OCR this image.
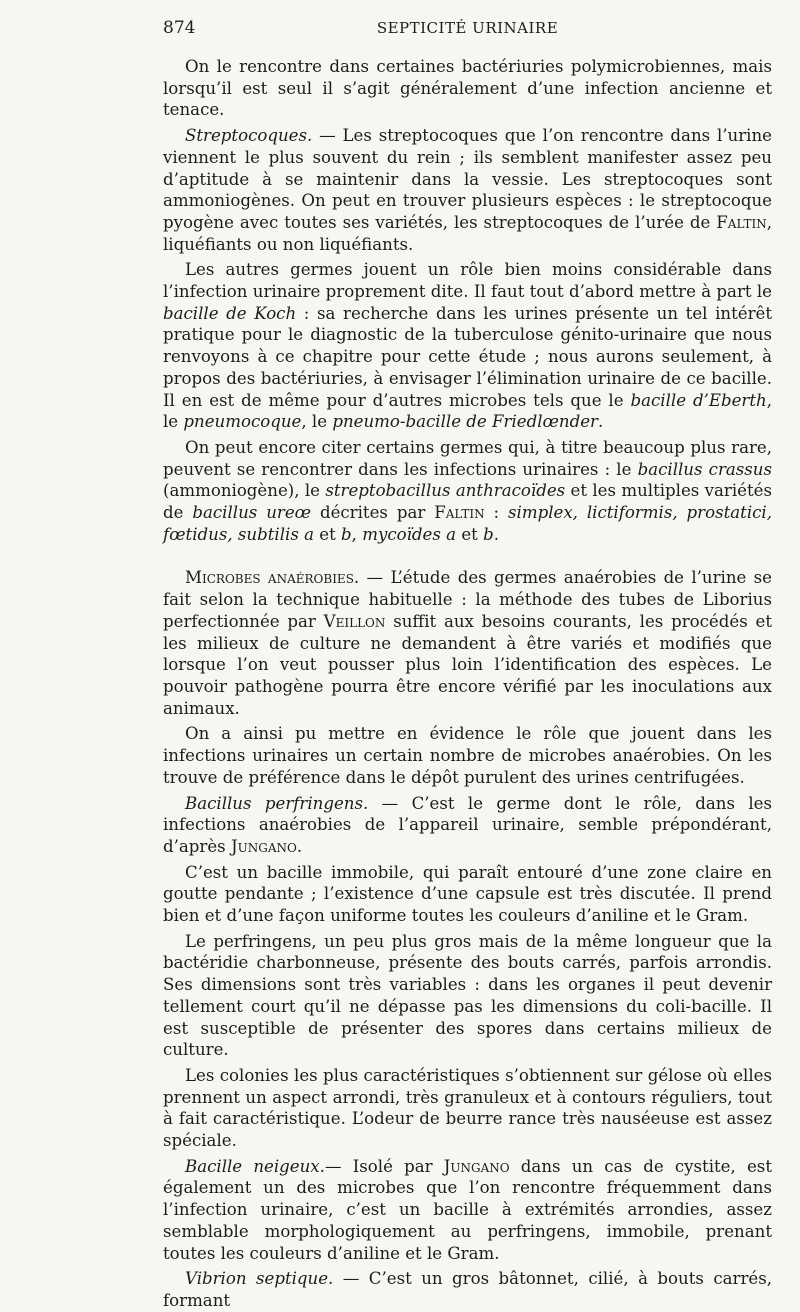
874	SEPTICITÉ URINAIRE

On le rencontre dans certaines bactériuries polymicrobiennes, mais lorsqu’il est seul il s’agit généralement d’une infection ancienne et tenace.

Streptocoques. — Les streptocoques que l’on rencontre dans l’urine viennent le plus souvent du rein ; ils semblent manifester assez peu d’aptitude à se maintenir dans la vessie. Les streptocoques sont ammoniogènes. On peut en trouver plusieurs espèces : le streptocoque pyogène avec toutes ses variétés, les streptocoques de l’urée de Faltin, liquéfiants ou non liquéfiants.

Les autres germes jouent un rôle bien moins considérable dans l’infection urinaire proprement dite. Il faut tout d’abord mettre à part le bacille de Koch : sa recherche dans les urines présente un tel intérêt pratique pour le diagnostic de la tuberculose génito-urinaire que nous renvoyons à ce chapitre pour cette étude ; nous aurons seulement, à propos des bactériuries, à envisager l’élimination urinaire de ce bacille. Il en est de même pour d’autres microbes tels que le bacille d’Eberth, le pneumocoque, le pneumo-bacille de Friedlœnder.

On peut encore citer certains germes qui, à titre beaucoup plus rare, peuvent se rencontrer dans les infections urinaires : le bacillus crassus (ammoniogène), le streptobacillus anthracoïdes et les multiples variétés de bacillus ureœ décrites par Faltin : simplex, lictiformis, prostatici, fœtidus, subtilis a et b, mycoïdes a et b.

Microbes anaérobies. — L’étude des germes anaérobies de l’urine se fait selon la technique habituelle : la méthode des tubes de Liborius perfectionnée par Veillon suffit aux besoins courants, les procédés et les milieux de culture ne demandent à être variés et modifiés que lorsque l’on veut pousser plus loin l’identification des espèces. Le pouvoir pathogène pourra être encore vérifié par les inoculations aux animaux.

On a ainsi pu mettre en évidence le rôle que jouent dans les infections urinaires un certain nombre de microbes anaérobies. On les trouve de préférence dans le dépôt purulent des urines centrifugées.

Bacillus perfringens. — C’est le germe dont le rôle, dans les infections anaérobies de l’appareil urinaire, semble prépondérant, d’après Jungano.

C’est un bacille immobile, qui paraît entouré d’une zone claire en goutte pendante ; l’existence d’une capsule est très discutée. Il prend bien et d’une façon uniforme toutes les couleurs d’aniline et le Gram.

Le perfringens, un peu plus gros mais de la même longueur que la bactéridie charbonneuse, présente des bouts carrés, parfois arrondis. Ses dimensions sont très variables : dans les organes il peut devenir tellement court qu’il ne dépasse pas les dimensions du coli-bacille. Il est susceptible de présenter des spores dans certains milieux de culture.

Les colonies les plus caractéristiques s’obtiennent sur gélose où elles prennent un aspect arrondi, très granuleux et à contours réguliers, tout à fait caractéristique. L’odeur de beurre rance très nauséeuse est assez spéciale.

Bacille neigeux.— Isolé par Jungano dans un cas de cystite, est également un des microbes que l’on rencontre fréquemment dans l’infection urinaire, c’est un bacille à extrémités arrondies, assez semblable morphologiquement au perfringens, immobile, prenant toutes les couleurs d’aniline et le Gram.

Vibrion septique. — C’est un gros bâtonnet, cilié, à bouts carrés, formant
